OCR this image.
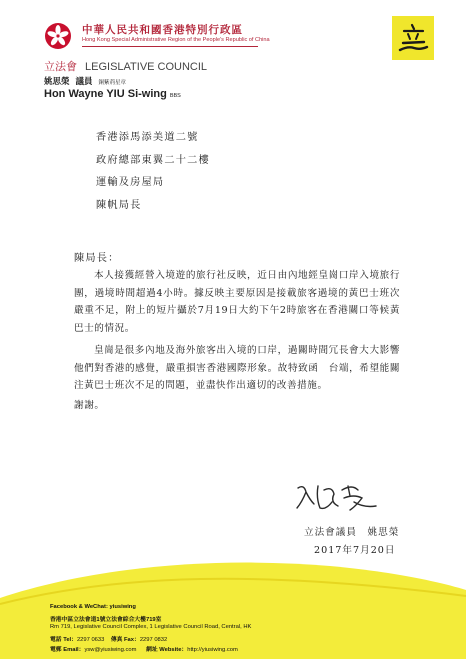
中華人民共和國香港特別行政區
Hong Kong Special Administrative Region of the People's Republic of China
立法會 LEGISLATIVE COUNCIL
姚思榮 議員 銅紫荊星章
Hon Wayne YIU Si-wing BBS
香港添馬添美道二號
政府總部東翼二十二樓
運輸及房屋局
陳帆局長
陳局長：

本人接獲經營入境遊的旅行社反映，近日由內地經皇崗口岸入境旅行團，過境時間超過4小時。據反映主要原因是接載旅客過境的黃巴士班次嚴重不足，附上的短片攝於7月19日大約下午2時旅客在香港關口等候黃巴士的情況。

皇崗是很多內地及海外旅客出入境的口岸，過關時間冗長會大大影響他們對香港的感覺，嚴重損害香港國際形象。故特致函　台端，希望能關注黃巴士班次不足的問題，並盡快作出適切的改善措施。

謝謝。
立法會議員　姚思榮
2017年7月20日
Facebook & WeChat: yiusiwing
香港中區立法會道1號立法會綜合大樓719室
Rm 719, Legislative Council Complex, 1 Legislative Council Road, Central, HK
電話 Tel：2297 0633 傳真 Fax：2297 0832
電郵 Email：ysw@yiusiwing.com 網址 Website：http://yiusiwing.com
